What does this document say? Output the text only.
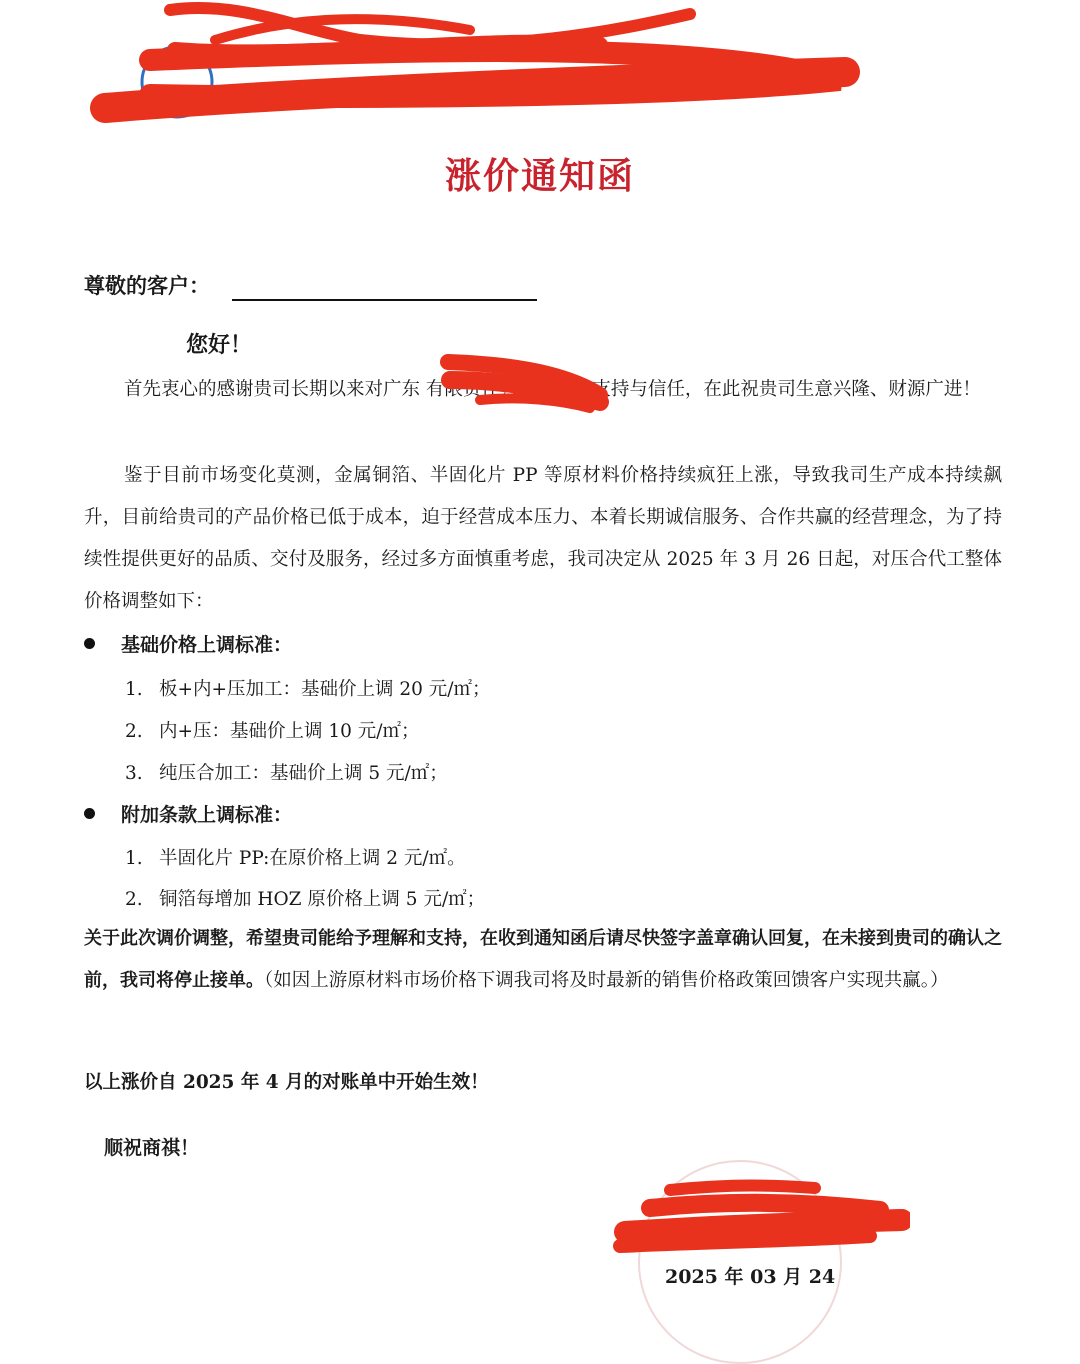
涨价通知函
尊敬的客户：
您好！
首先衷心的感谢贵司长期以来对广东 有限责任公司的大力支持与信任，在此祝贵司生意兴隆、财源广进！
鉴于目前市场变化莫测，金属铜箔、半固化片 PP 等原材料价格持续疯狂上涨，导致我司生产成本持续飙升，目前给贵司的产品价格已低于成本，迫于经营成本压力、本着长期诚信服务、合作共赢的经营理念，为了持续性提供更好的品质、交付及服务，经过多方面慎重考虑，我司决定从 2025 年 3 月 26 日起，对压合代工整体价格调整如下：
基础价格上调标准：
1. 板+内+压加工：基础价上调 20 元/㎡；
2. 内+压：基础价上调 10 元/㎡；
3. 纯压合加工：基础价上调 5 元/㎡；
附加条款上调标准：
1. 半固化片 PP:在原价格上调 2 元/㎡。
2. 铜箔每增加 HOZ 原价格上调 5 元/㎡；
关于此次调价调整，希望贵司能给予理解和支持，在收到通知函后请尽快签字盖章确认回复，在未接到贵司的确认之前，我司将停止接单。（如因上游原材料市场价格下调我司将及时最新的销售价格政策回馈客户实现共赢。）
以上涨价自 2025 年 4 月的对账单中开始生效！
顺祝商祺！
2025 年 03 月 24
